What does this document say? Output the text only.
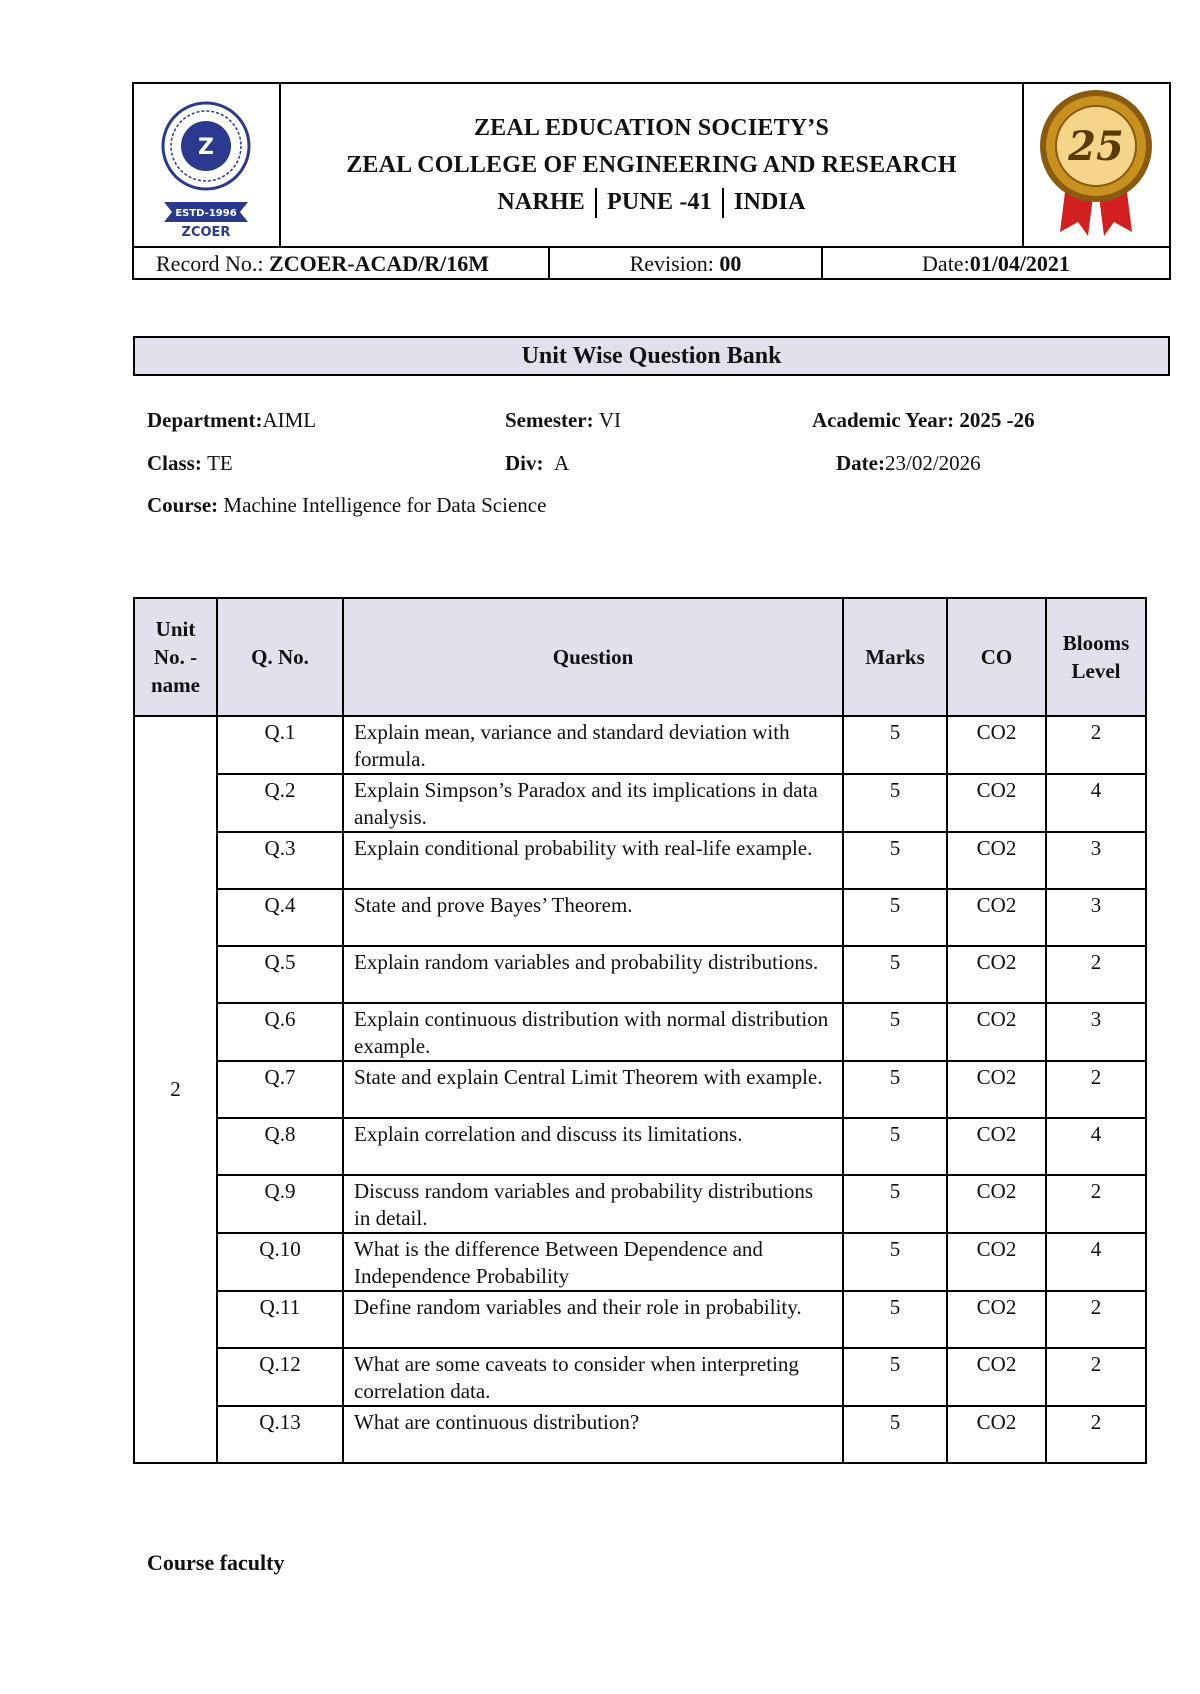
Z
ESTD-1996
ZCOER
ZEAL EDUCATION SOCIETY’S
ZEAL COLLEGE OF ENGINEERING AND RESEARCH
NARHE PUNE -41 INDIA
25
Record No.: ZCOER-ACAD/R/16M	Revision: 00	Date:01/04/2021
Unit Wise Question Bank
Department:AIML	Semester: VI	Academic Year: 2025 -26
Class: TE	Div: A	Date:23/02/2026
Course: Machine Intelligence for Data Science
Unit No. - name	Q. No.	Question	Marks	CO	Blooms Level
2	Q.1	Explain mean, variance and standard deviation with formula.	5	CO2	2
	Q.2	Explain Simpson’s Paradox and its implications in data analysis.	5	CO2	4
	Q.3	Explain conditional probability with real-life example.	5	CO2	3
	Q.4	State and prove Bayes’ Theorem.	5	CO2	3
	Q.5	Explain random variables and probability distributions.	5	CO2	2
	Q.6	Explain continuous distribution with normal distribution example.	5	CO2	3
	Q.7	State and explain Central Limit Theorem with example.	5	CO2	2
	Q.8	Explain correlation and discuss its limitations.	5	CO2	4
	Q.9	Discuss random variables and probability distributions in detail.	5	CO2	2
	Q.10	What is the difference Between Dependence and Independence Probability	5	CO2	4
	Q.11	Define random variables and their role in probability.	5	CO2	2
	Q.12	What are some caveats to consider when interpreting correlation data.	5	CO2	2
	Q.13	What are continuous distribution?	5	CO2	2
Course faculty
